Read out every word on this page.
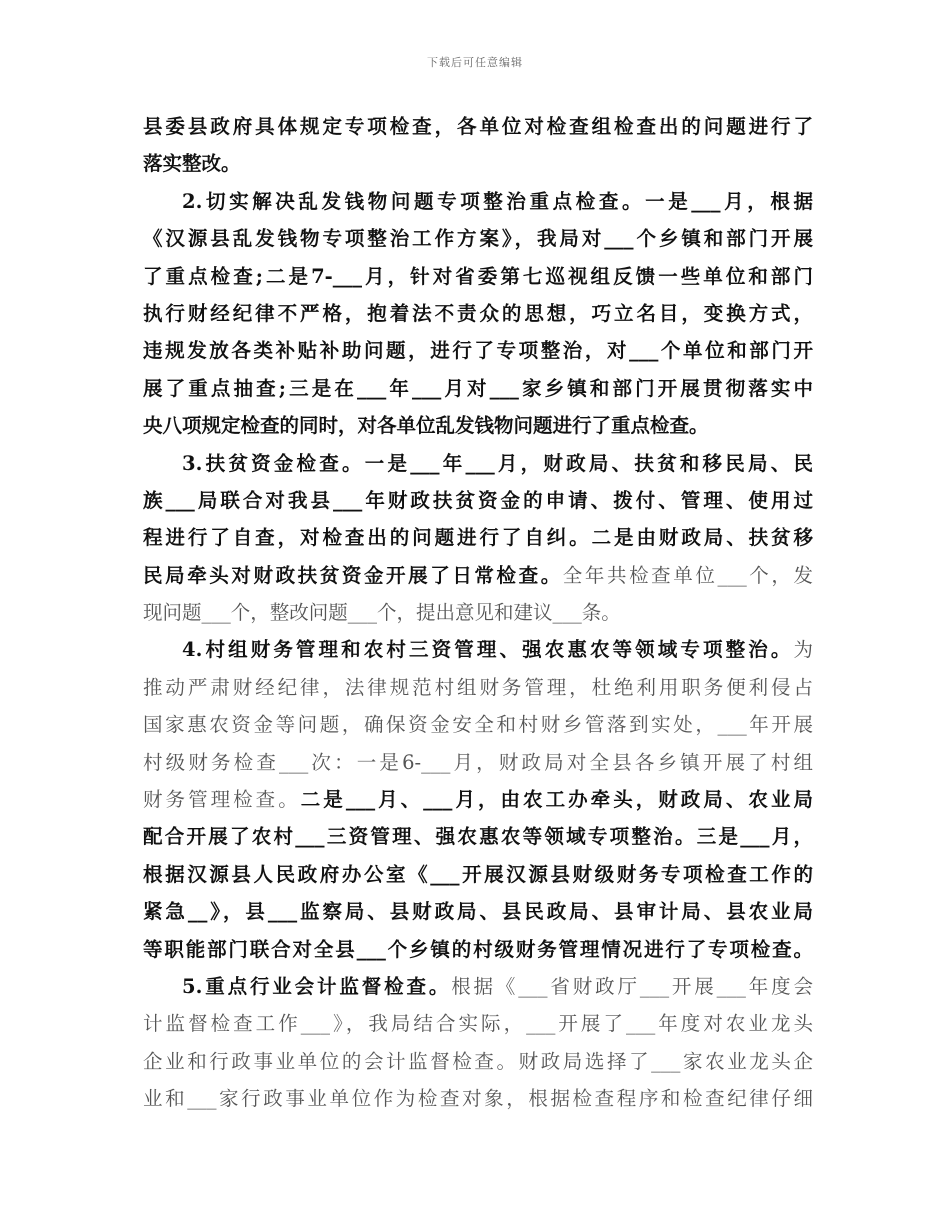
下载后可任意编辑
县委县政府具体规定专项检查，各单位对检查组检查出的问题进行了
落实整改。
2.切实解决乱发钱物问题专项整治重点检查。一是___月，根据
《汉源县乱发钱物专项整治工作方案》，我局对___个乡镇和部门开展
了重点检查;二是7-___月，针对省委第七巡视组反馈一些单位和部门
执行财经纪律不严格，抱着法不责众的思想，巧立名目，变换方式，
违规发放各类补贴补助问题，进行了专项整治，对___个单位和部门开
展了重点抽查;三是在___年___月对___家乡镇和部门开展贯彻落实中
央八项规定检查的同时，对各单位乱发钱物问题进行了重点检查。
3.扶贫资金检查。一是___年___月，财政局、扶贫和移民局、民
族___局联合对我县___年财政扶贫资金的申请、拨付、管理、使用过
程进行了自查，对检查出的问题进行了自纠。二是由财政局、扶贫移
民局牵头对财政扶贫资金开展了日常检查。全年共检查单位___个，发
现问题___个，整改问题___个，提出意见和建议___条。
4.村组财务管理和农村三资管理、强农惠农等领域专项整治。为
推动严肃财经纪律，法律规范村组财务管理，杜绝利用职务便利侵占
国家惠农资金等问题，确保资金安全和村财乡管落到实处，___年开展
村级财务检查___次：一是6-___月，财政局对全县各乡镇开展了村组
财务管理检查。二是___月、___月，由农工办牵头，财政局、农业局
配合开展了农村___三资管理、强农惠农等领域专项整治。三是___月，
根据汉源县人民政府办公室《___开展汉源县财级财务专项检查工作的
紧急__》，县___监察局、县财政局、县民政局、县审计局、县农业局
等职能部门联合对全县___个乡镇的村级财务管理情况进行了专项检查。
5.重点行业会计监督检查。根据《___省财政厅___开展___年度会
计监督检查工作___》，我局结合实际，___开展了___年度对农业龙头
企业和行政事业单位的会计监督检查。财政局选择了___家农业龙头企
业和___家行政事业单位作为检查对象，根据检查程序和检查纪律仔细
